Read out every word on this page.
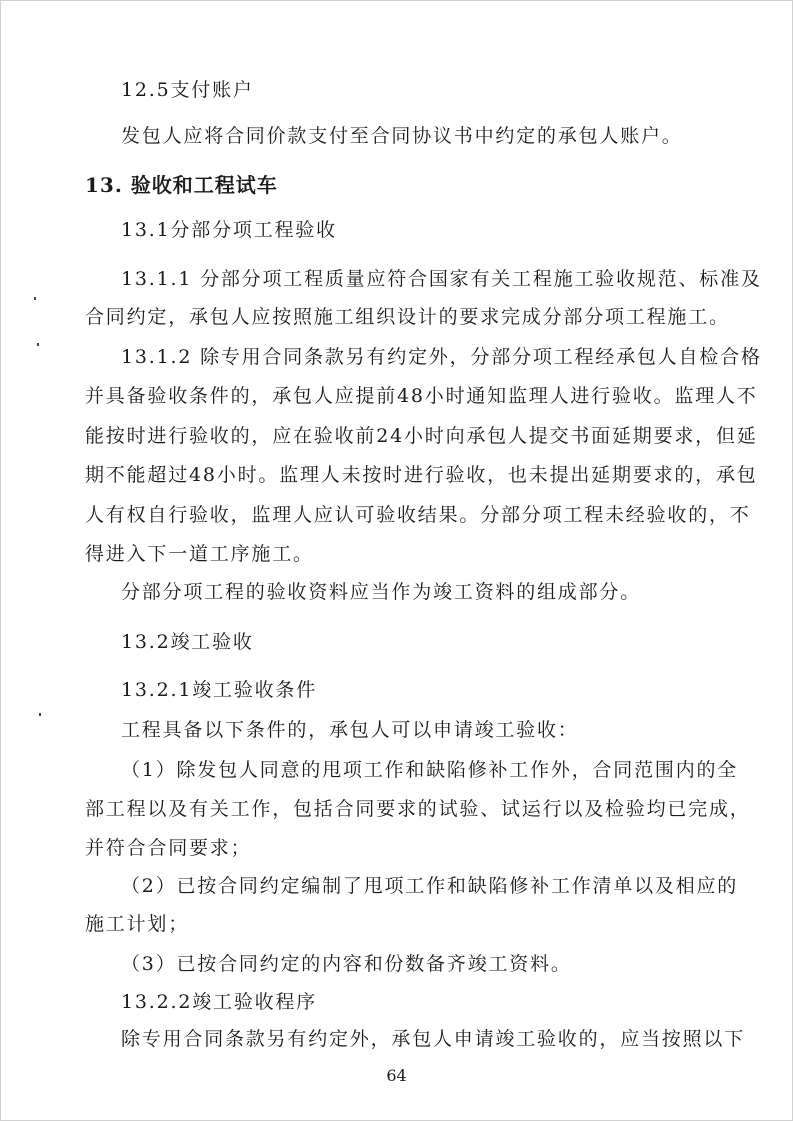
12.5支付账户

发包人应将合同价款支付至合同协议书中约定的承包人账户。

13. 验收和工程试车

13.1分部分项工程验收

13.1.1 分部分项工程质量应符合国家有关工程施工验收规范、标准及

合同约定，承包人应按照施工组织设计的要求完成分部分项工程施工。

13.1.2 除专用合同条款另有约定外，分部分项工程经承包人自检合格

并具备验收条件的，承包人应提前48小时通知监理人进行验收。监理人不

能按时进行验收的，应在验收前24小时向承包人提交书面延期要求，但延

期不能超过48小时。监理人未按时进行验收，也未提出延期要求的，承包

人有权自行验收，监理人应认可验收结果。分部分项工程未经验收的，不

得进入下一道工序施工。

分部分项工程的验收资料应当作为竣工资料的组成部分。

13.2竣工验收

13.2.1竣工验收条件

工程具备以下条件的，承包人可以申请竣工验收：

（1）除发包人同意的甩项工作和缺陷修补工作外，合同范围内的全

部工程以及有关工作，包括合同要求的试验、试运行以及检验均已完成，

并符合合同要求；

（2）已按合同约定编制了甩项工作和缺陷修补工作清单以及相应的

施工计划；

（3）已按合同约定的内容和份数备齐竣工资料。

13.2.2竣工验收程序

除专用合同条款另有约定外，承包人申请竣工验收的，应当按照以下

64
